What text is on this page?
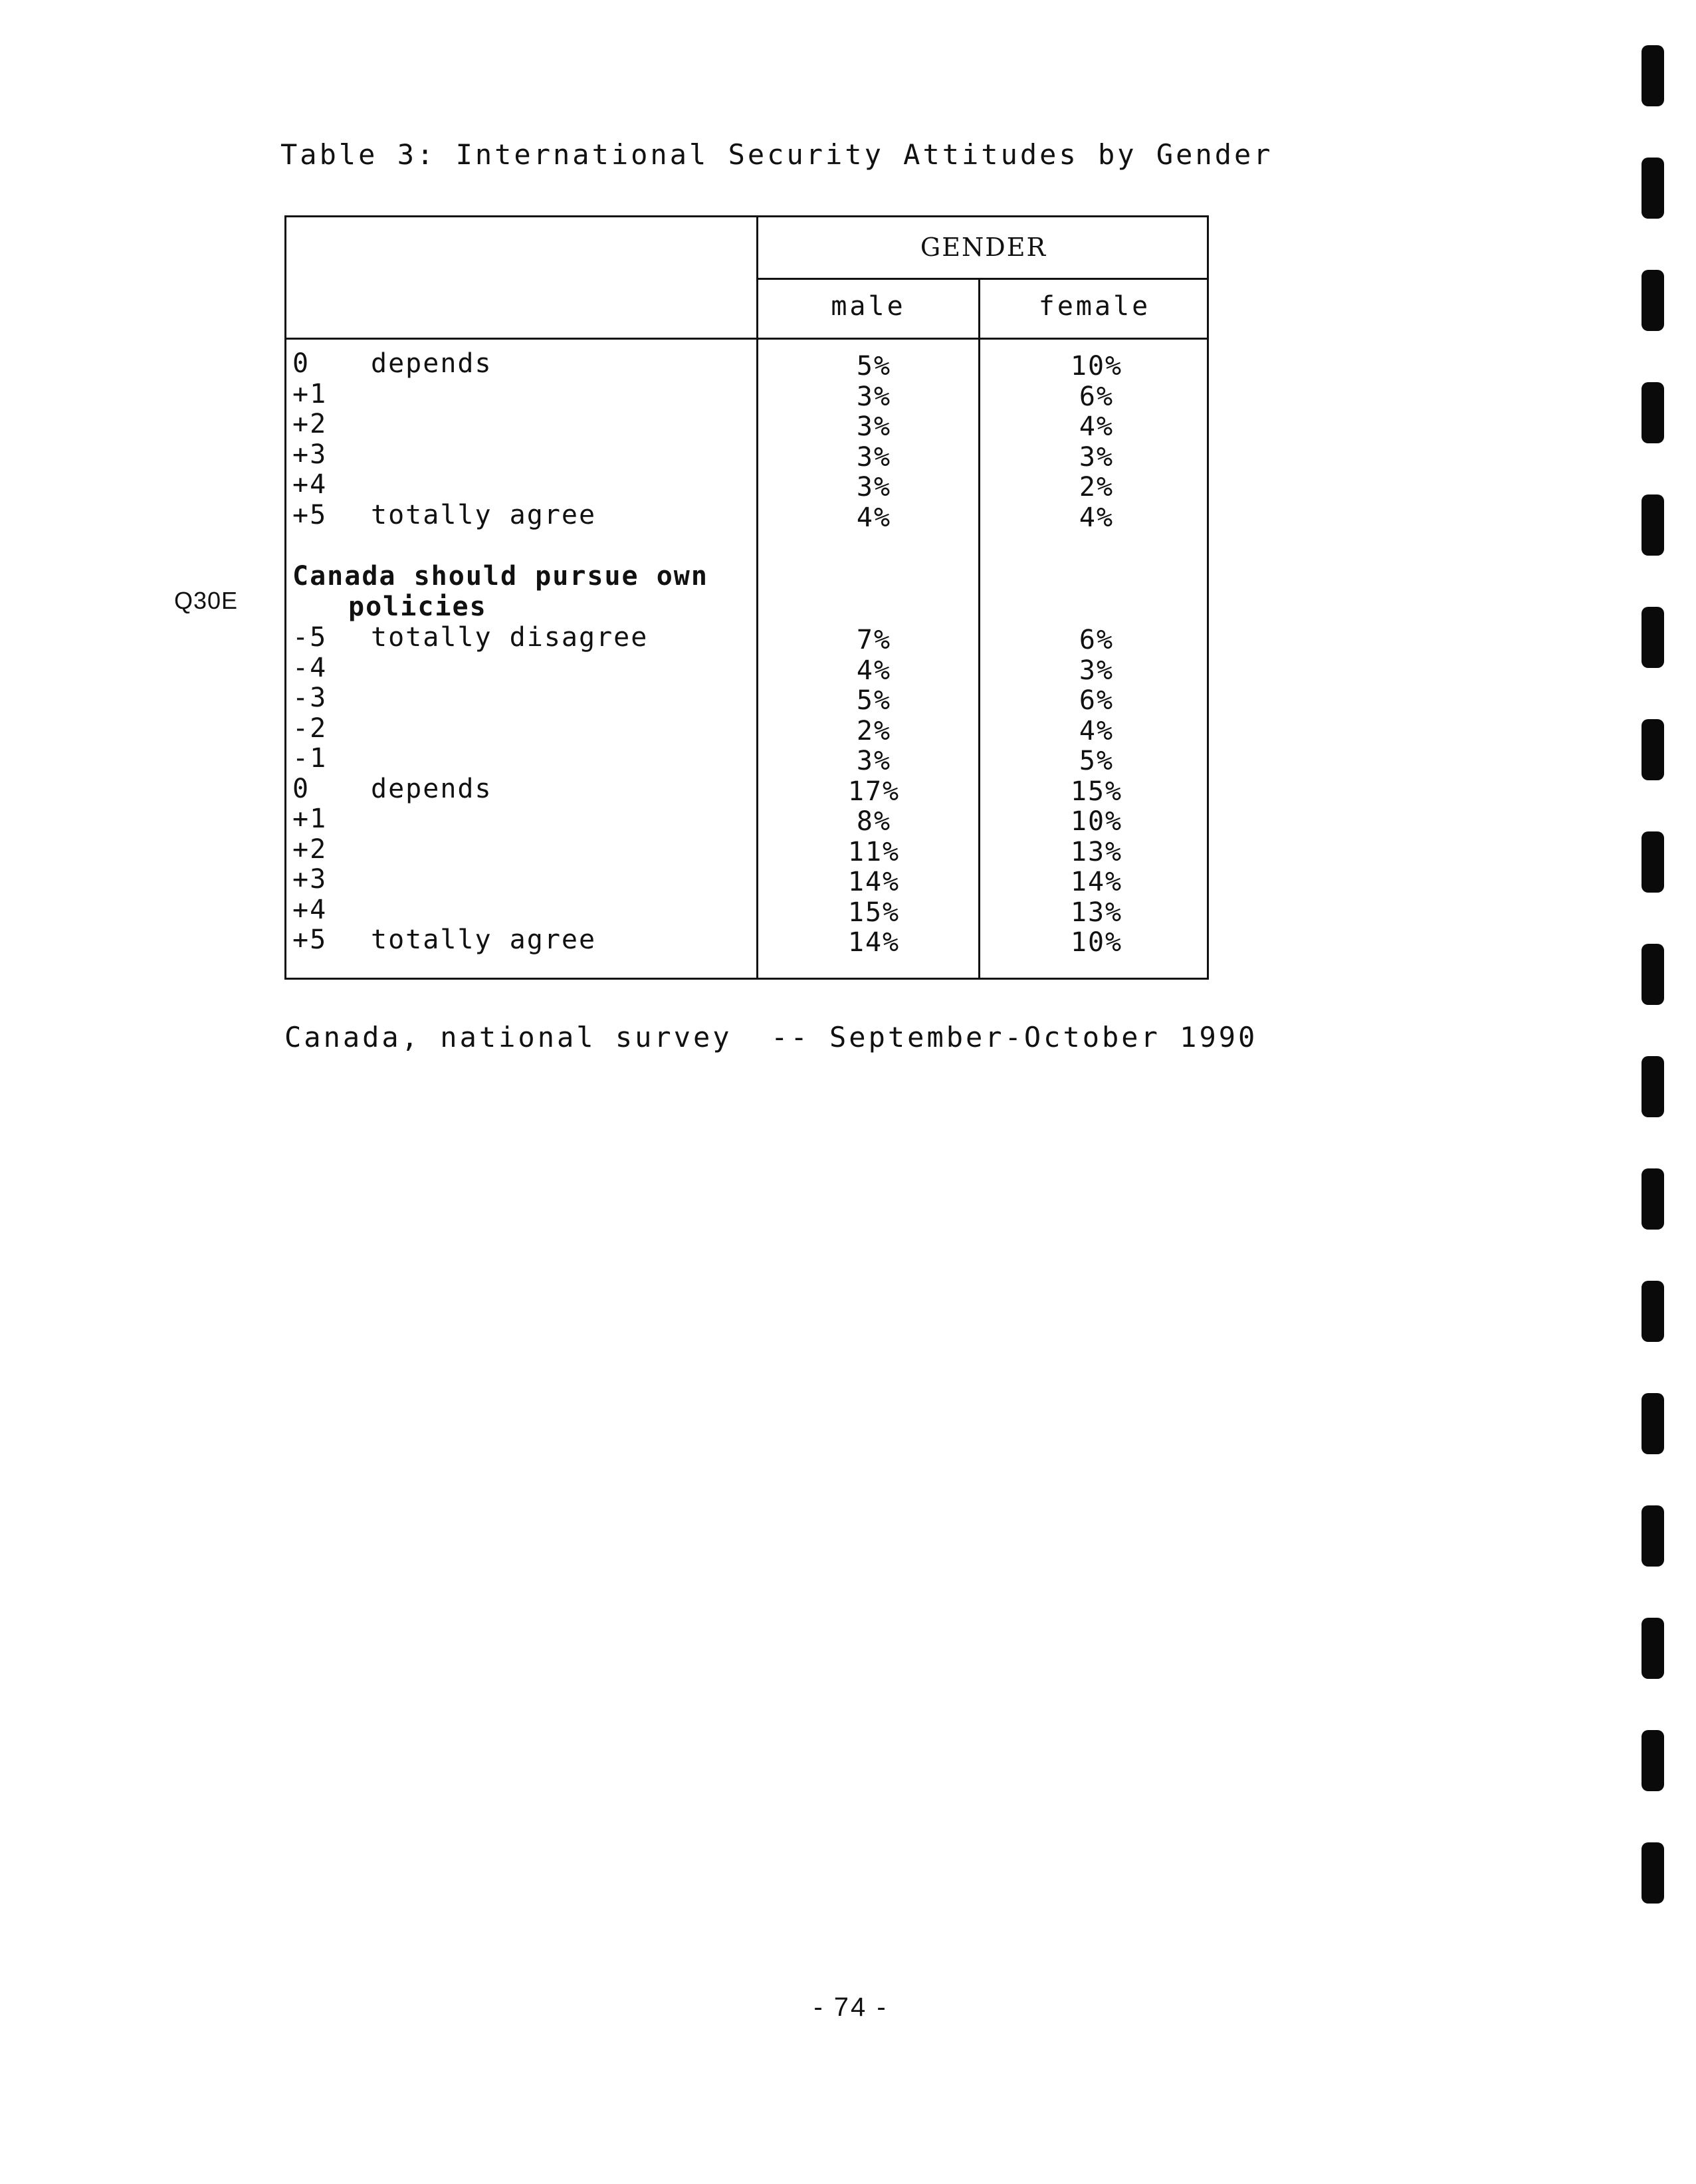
Table 3: International Security Attitudes by Gender
Q30E
GENDER
male	female
0 depends	5%	10%
+1	3%	6%
+2	3%	4%
+3	3%	3%
+4	3%	2%
+5 totally agree	4%	4%
Canada should pursue own
policies
-5 totally disagree	7%	6%
-4	4%	3%
-3	5%	6%
-2	2%	4%
-1	3%	5%
0 depends	17%	15%
+1	8%	10%
+2	11%	13%
+3	14%	14%
+4	15%	13%
+5 totally agree	14%	10%
Canada, national survey  -- September-October 1990
- 74 -
